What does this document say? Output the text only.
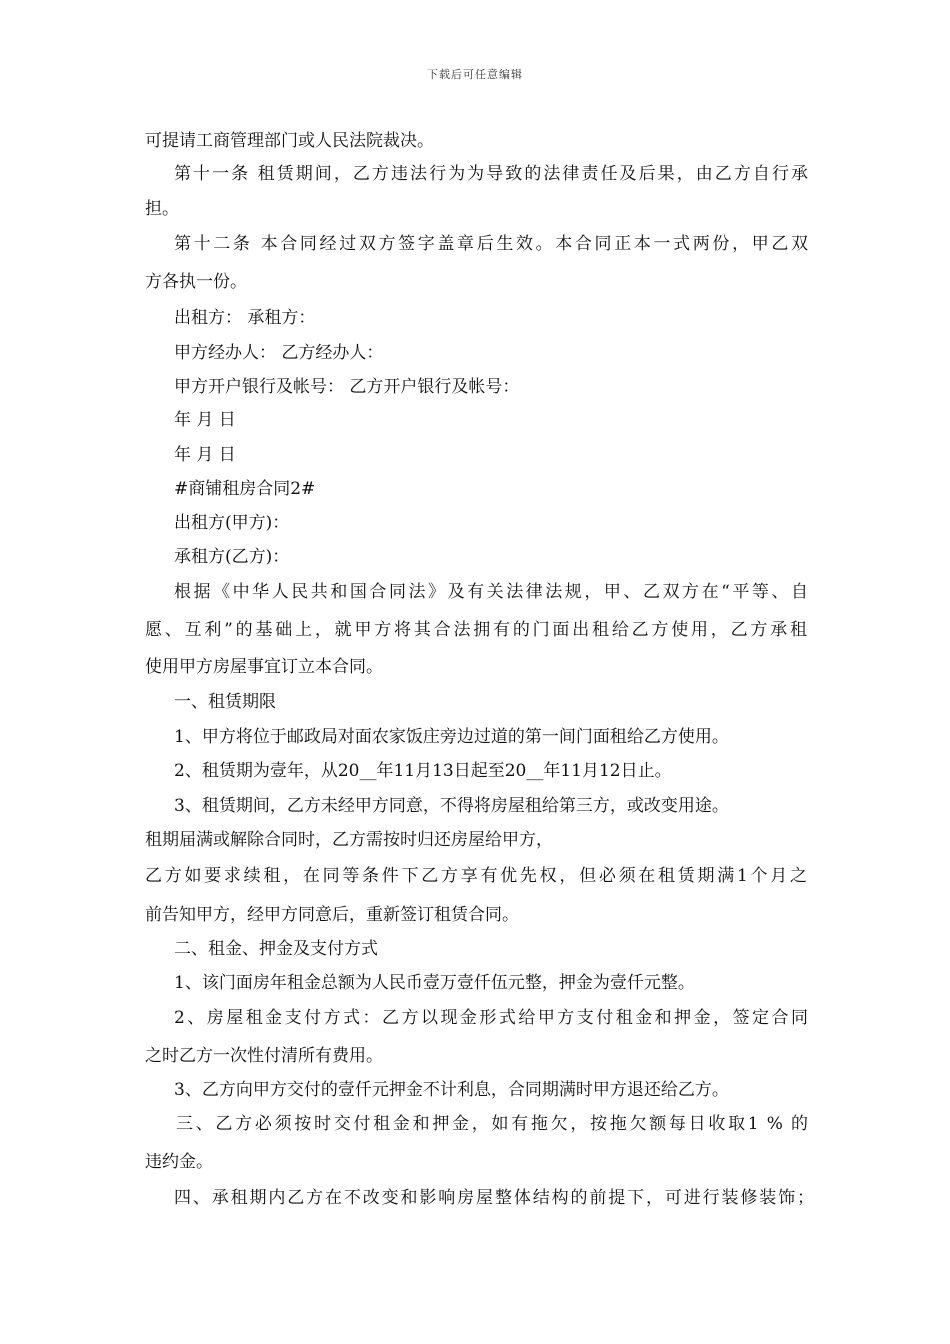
下载后可任意编辑
可提请工商管理部门或人民法院裁决。
第十一条 租赁期间，乙方违法行为为导致的法律责任及后果，由乙方自行承
担。
第十二条 本合同经过双方签字盖章后生效。本合同正本一式两份，甲乙双
方各执一份。
出租方： 承租方：
甲方经办人： 乙方经办人：
甲方开户银行及帐号： 乙方开户银行及帐号：
年 月 日
年 月 日
#商铺租房合同2#
出租方(甲方)：
承租方(乙方)：
根据《中华人民共和国合同法》及有关法律法规，甲、乙双方在“平等、自
愿、互利”的基础上，就甲方将其合法拥有的门面出租给乙方使用，乙方承租
使用甲方房屋事宜订立本合同。
一、租赁期限
1、甲方将位于邮政局对面农家饭庄旁边过道的第一间门面租给乙方使用。
2、租赁期为壹年，从20__年11月13日起至20__年11月12日止。
3、租赁期间，乙方未经甲方同意，不得将房屋租给第三方，或改变用途。
租期届满或解除合同时，乙方需按时归还房屋给甲方，
乙方如要求续租，在同等条件下乙方享有优先权，但必须在租赁期满1个月之
前告知甲方，经甲方同意后，重新签订租赁合同。
二、租金、押金及支付方式
1、该门面房年租金总额为人民币壹万壹仟伍元整，押金为壹仟元整。
2、房屋租金支付方式：乙方以现金形式给甲方支付租金和押金，签定合同
之时乙方一次性付清所有费用。
3、乙方向甲方交付的壹仟元押金不计利息，合同期满时甲方退还给乙方。
三、乙方必须按时交付租金和押金，如有拖欠，按拖欠额每日收取1 % 的
违约金。
四、承租期内乙方在不改变和影响房屋整体结构的前提下，可进行装修装饰；
